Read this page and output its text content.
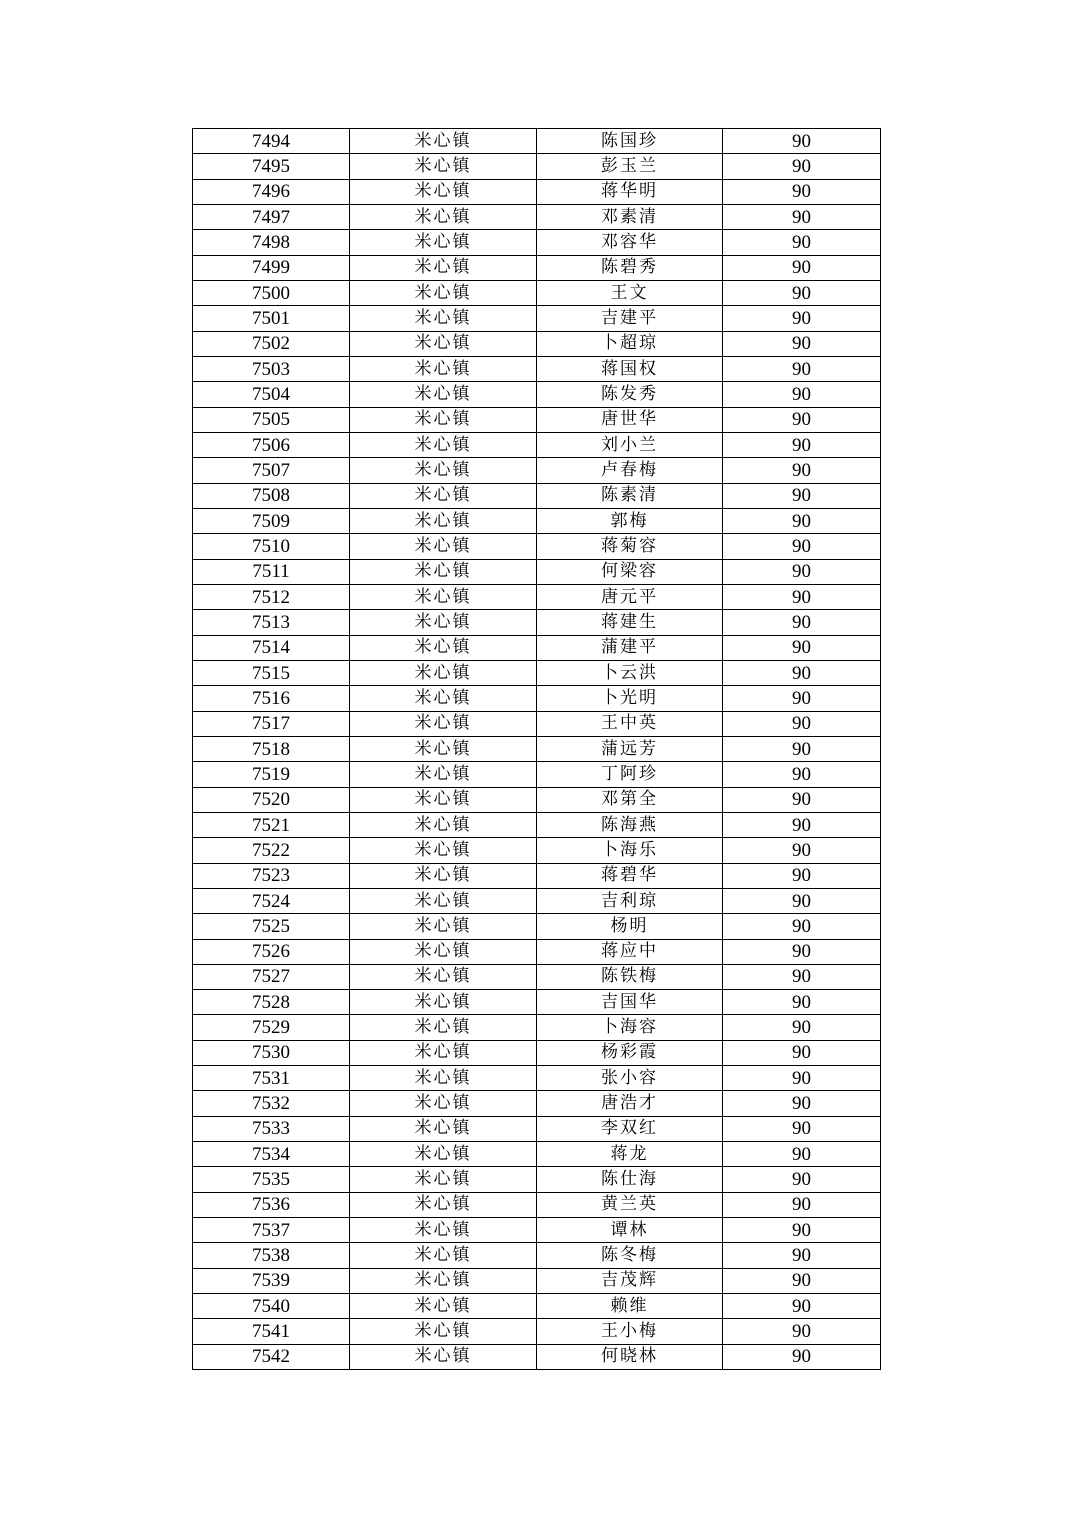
7494	米心镇	陈国珍	90
7495	米心镇	彭玉兰	90
7496	米心镇	蒋华明	90
7497	米心镇	邓素清	90
7498	米心镇	邓容华	90
7499	米心镇	陈碧秀	90
7500	米心镇	王文	90
7501	米心镇	吉建平	90
7502	米心镇	卜超琼	90
7503	米心镇	蒋国权	90
7504	米心镇	陈发秀	90
7505	米心镇	唐世华	90
7506	米心镇	刘小兰	90
7507	米心镇	卢春梅	90
7508	米心镇	陈素清	90
7509	米心镇	郭梅	90
7510	米心镇	蒋菊容	90
7511	米心镇	何梁容	90
7512	米心镇	唐元平	90
7513	米心镇	蒋建生	90
7514	米心镇	蒲建平	90
7515	米心镇	卜云洪	90
7516	米心镇	卜光明	90
7517	米心镇	王中英	90
7518	米心镇	蒲远芳	90
7519	米心镇	丁阿珍	90
7520	米心镇	邓第全	90
7521	米心镇	陈海燕	90
7522	米心镇	卜海乐	90
7523	米心镇	蒋碧华	90
7524	米心镇	吉利琼	90
7525	米心镇	杨明	90
7526	米心镇	蒋应中	90
7527	米心镇	陈铁梅	90
7528	米心镇	吉国华	90
7529	米心镇	卜海容	90
7530	米心镇	杨彩霞	90
7531	米心镇	张小容	90
7532	米心镇	唐浩才	90
7533	米心镇	李双红	90
7534	米心镇	蒋龙	90
7535	米心镇	陈仕海	90
7536	米心镇	黄兰英	90
7537	米心镇	谭林	90
7538	米心镇	陈冬梅	90
7539	米心镇	吉茂辉	90
7540	米心镇	赖维	90
7541	米心镇	王小梅	90
7542	米心镇	何晓林	90
